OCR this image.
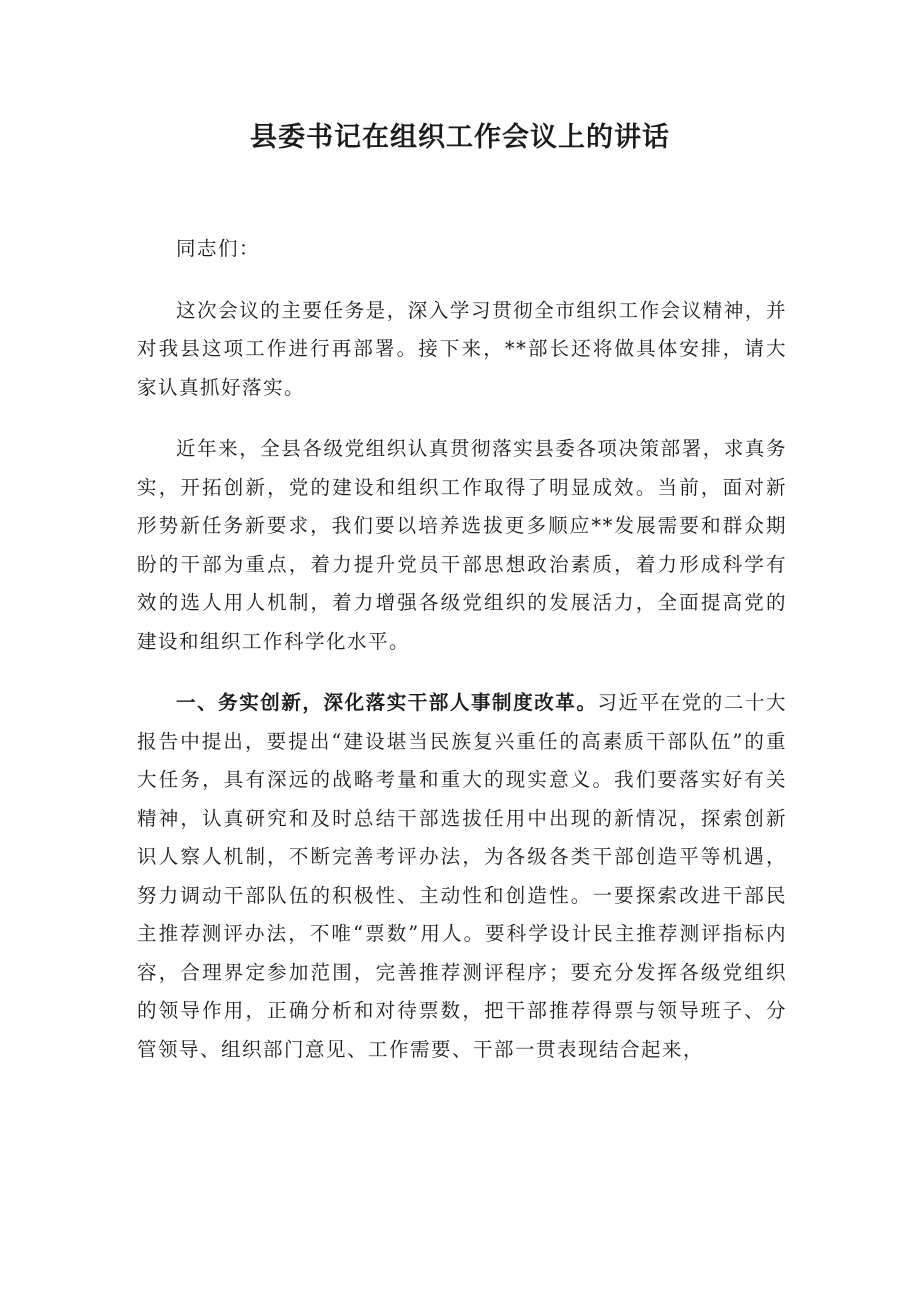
县委书记在组织工作会议上的讲话

同志们：

这次会议的主要任务是，深入学习贯彻全市组织工作会议精神，并对我县这项工作进行再部署。接下来，**部长还将做具体安排，请大家认真抓好落实。

近年来，全县各级党组织认真贯彻落实县委各项决策部署，求真务实，开拓创新，党的建设和组织工作取得了明显成效。当前，面对新形势新任务新要求，我们要以培养选拔更多顺应**发展需要和群众期盼的干部为重点，着力提升党员干部思想政治素质，着力形成科学有效的选人用人机制，着力增强各级党组织的发展活力，全面提高党的建设和组织工作科学化水平。

一、务实创新，深化落实干部人事制度改革。习近平在党的二十大报告中提出，要提出“建设堪当民族复兴重任的高素质干部队伍”的重大任务，具有深远的战略考量和重大的现实意义。我们要落实好有关精神，认真研究和及时总结干部选拔任用中出现的新情况，探索创新识人察人机制，不断完善考评办法，为各级各类干部创造平等机遇，努力调动干部队伍的积极性、主动性和创造性。一要探索改进干部民主推荐测评办法，不唯“票数”用人。要科学设计民主推荐测评指标内容，合理界定参加范围，完善推荐测评程序；要充分发挥各级党组织的领导作用，正确分析和对待票数，把干部推荐得票与领导班子、分管领导、组织部门意见、工作需要、干部一贯表现结合起来，
